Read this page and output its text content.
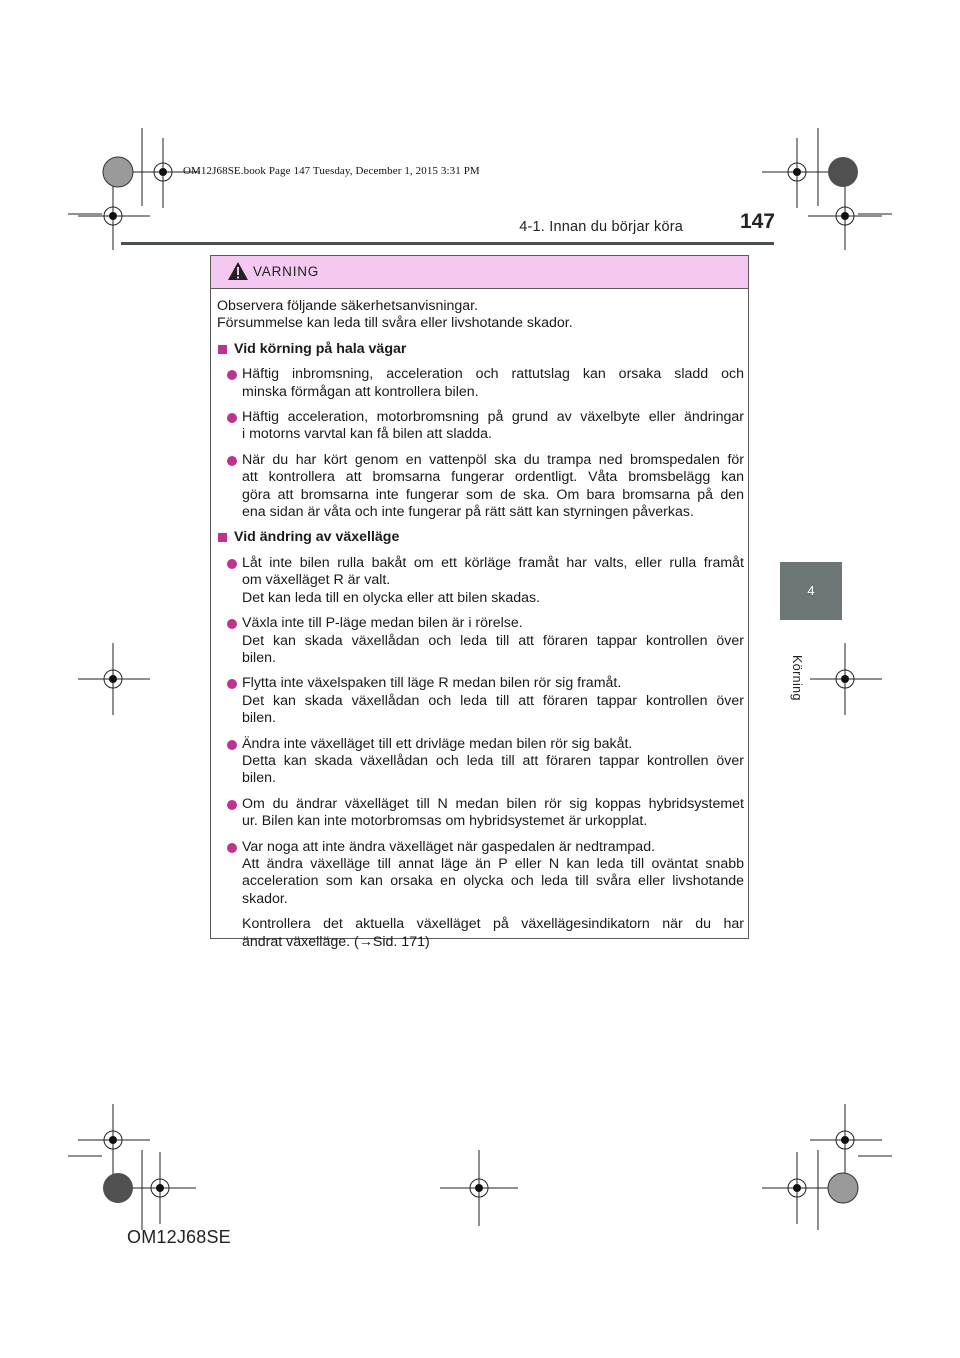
OM12J68SE.book Page 147 Tuesday, December 1, 2015 3:31 PM
4-1. Innan du börjar köra	147
4
Körning
VARNING

Observera följande säkerhetsanvisningar.

Försummelse kan leda till svåra eller livshotande skador.

Vid körning på hala vägar
Häftig inbromsning, acceleration och rattutslag kan orsaka sladd och
minska förmågan att kontrollera bilen.
Häftig acceleration, motorbromsning på grund av växelbyte eller ändringar
i motorns varvtal kan få bilen att sladda.
När du har kört genom en vattenpöl ska du trampa ned bromspedalen för
att kontrollera att bromsarna fungerar ordentligt. Våta bromsbelägg kan
göra att bromsarna inte fungerar som de ska. Om bara bromsarna på den
ena sidan är våta och inte fungerar på rätt sätt kan styrningen påverkas.
Vid ändring av växelläge
Låt inte bilen rulla bakåt om ett körläge framåt har valts, eller rulla framåt
om växelläget R är valt.
Det kan leda till en olycka eller att bilen skadas.
Växla inte till P-läge medan bilen är i rörelse.
Det kan skada växellådan och leda till att föraren tappar kontrollen över
bilen.
Flytta inte växelspaken till läge R medan bilen rör sig framåt.
Det kan skada växellådan och leda till att föraren tappar kontrollen över
bilen.
Ändra inte växelläget till ett drivläge medan bilen rör sig bakåt.
Detta kan skada växellådan och leda till att föraren tappar kontrollen över
bilen.
Om du ändrar växelläget till N medan bilen rör sig koppas hybridsystemet
ur. Bilen kan inte motorbromsas om hybridsystemet är urkopplat.
Var noga att inte ändra växelläget när gaspedalen är nedtrampad.
Att ändra växelläge till annat läge än P eller N kan leda till oväntat snabb
acceleration som kan orsaka en olycka och leda till svåra eller livshotande
skador.
Kontrollera det aktuella växelläget på växellägesindikatorn när du har
ändrat växelläge. (→Sid. 171)
OM12J68SE
